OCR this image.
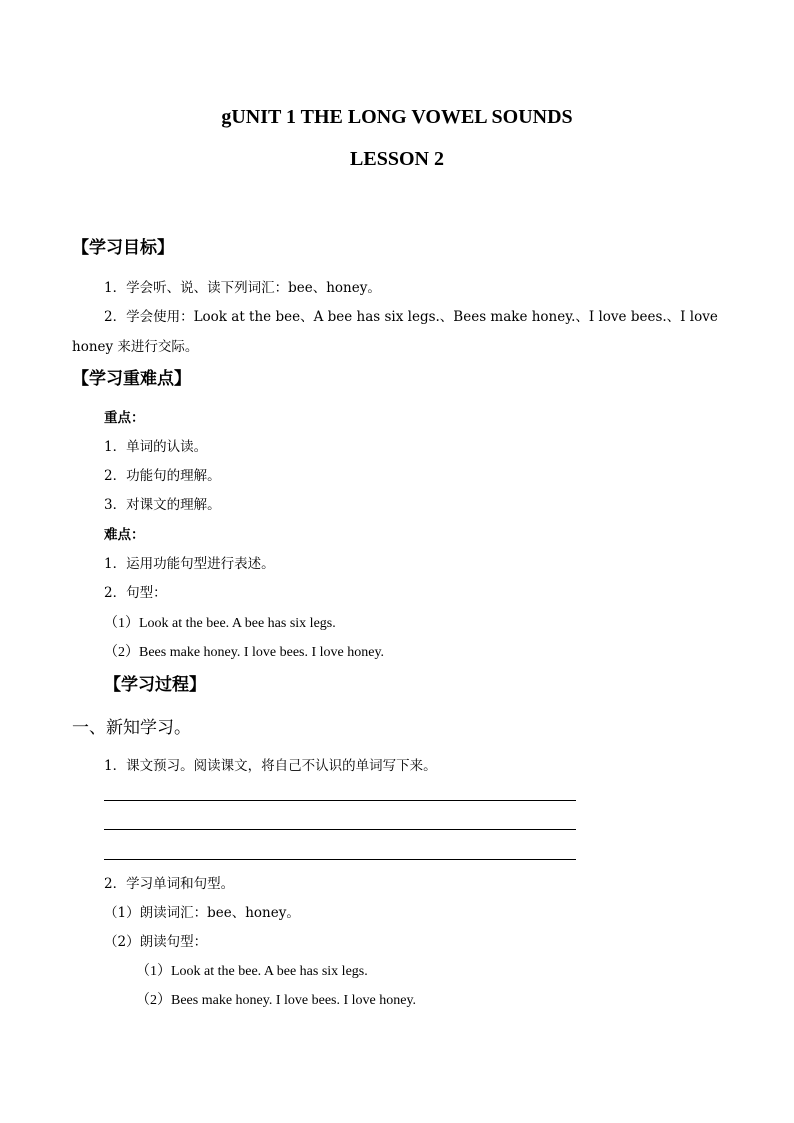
gUNIT 1 THE LONG VOWEL SOUNDS
LESSON 2

【学习目标】

1．学会听、说、读下列词汇：bee、honey。

2．学会使用：Look at the bee、A bee has six legs.、Bees make honey.、I love bees.、I love

honey 来进行交际。

【学习重难点】

重点：

1．单词的认读。

2．功能句的理解。

3．对课文的理解。

难点：

1．运用功能句型进行表述。

2．句型：

（1）Look at the bee. A bee has six legs.

（2）Bees make honey. I love bees. I love honey.

【学习过程】

一、新知学习。

1．课文预习。阅读课文，将自己不认识的单词写下来。

2．学习单词和句型。

（1）朗读词汇：bee、honey。

（2）朗读句型：

（1）Look at the bee. A bee has six legs.

（2）Bees make honey. I love bees. I love honey.
